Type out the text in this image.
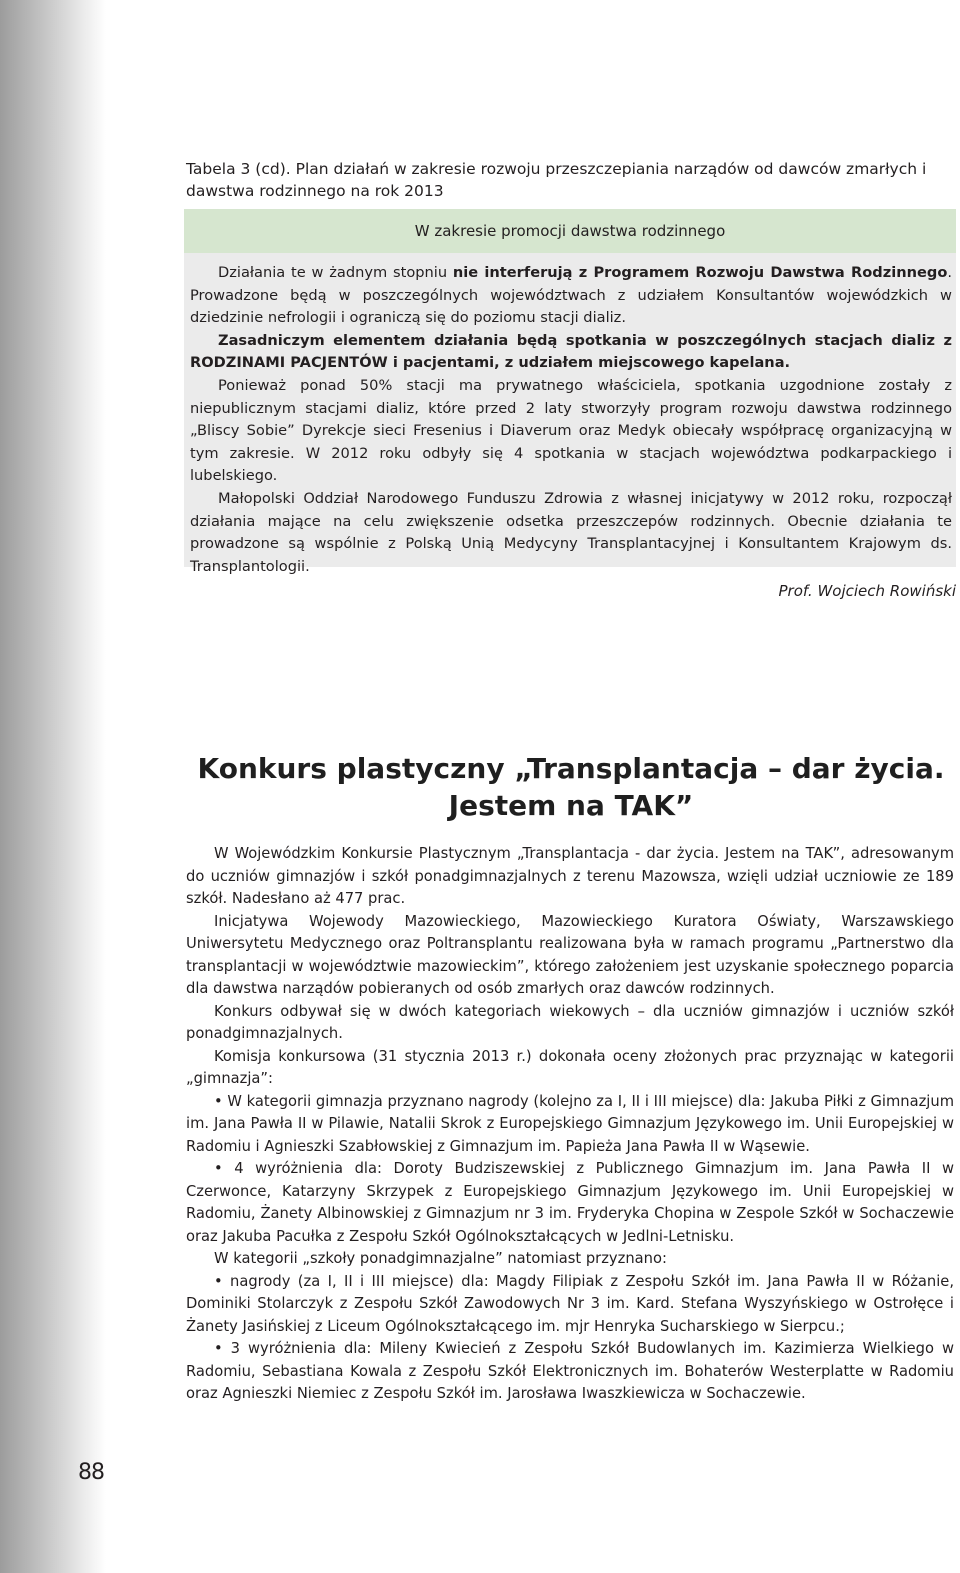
Tabela 3 (cd). Plan działań w zakresie rozwoju przeszczepiania narządów od dawców zmarłych i dawstwa rodzinnego na rok 2013
W zakresie promocji dawstwa rodzinnego

Działania te w żadnym stopniu nie interferują z Programem Rozwoju Dawstwa Rodzinnego. Prowadzone będą w poszczególnych województwach z udziałem Konsultantów wojewódzkich w dziedzinie nefrologii i ograniczą się do poziomu stacji dializ.

Zasadniczym elementem działania będą spotkania w poszczególnych stacjach dializ z RODZINAMI PACJENTÓW i pacjentami, z udziałem miejscowego kapelana.

Ponieważ ponad 50% stacji ma prywatnego właściciela, spotkania uzgodnione zostały z niepublicznym stacjami dializ, które przed 2 laty stworzyły program rozwoju dawstwa rodzinnego „Bliscy Sobie” Dyrekcje sieci Fresenius i Diaverum oraz Medyk obiecały współpracę organizacyjną w tym zakresie. W 2012 roku odbyły się 4 spotkania w stacjach województwa podkarpackiego i lubelskiego.

Małopolski Oddział Narodowego Funduszu Zdrowia z własnej inicjatywy w 2012 roku, rozpoczął działania mające na celu zwiększenie odsetka przeszczepów rodzinnych. Obecnie działania te prowadzone są wspólnie z Polską Unią Medycyny Transplantacyjnej i Konsultantem Krajowym ds. Transplantologii.

Prof. Wojciech Rowiński
Konkurs plastyczny „Transplantacja – dar życia.
Jestem na TAK”

W Wojewódzkim Konkursie Plastycznym „Transplantacja - dar życia. Jestem na TAK”, adresowanym do uczniów gimnazjów i szkół ponadgimnazjalnych z terenu Mazowsza, wzięli udział uczniowie ze 189 szkół. Nadesłano aż 477 prac.

Inicjatywa Wojewody Mazowieckiego, Mazowieckiego Kuratora Oświaty, Warszawskiego Uniwersytetu Medycznego oraz Poltransplantu realizowana była w ramach programu „Partnerstwo dla transplantacji w województwie mazowieckim”, którego założeniem jest uzyskanie społecznego poparcia dla dawstwa narządów pobieranych od osób zmarłych oraz dawców rodzinnych.

Konkurs odbywał się w dwóch kategoriach wiekowych – dla uczniów gimnazjów i uczniów szkół ponadgimnazjalnych.

Komisja konkursowa (31 stycznia 2013 r.) dokonała oceny złożonych prac przyznając w kategorii „gimnazja”:

• W kategorii gimnazja przyznano nagrody (kolejno za I, II i III miejsce) dla: Jakuba Piłki z Gimnazjum im. Jana Pawła II w Pilawie, Natalii Skrok z Europejskiego Gimnazjum Językowego im. Unii Europejskiej w Radomiu i Agnieszki Szabłowskiej z Gimnazjum im. Papieża Jana Pawła II w Wąsewie.

• 4 wyróżnienia dla: Doroty Budziszewskiej z Publicznego Gimnazjum im. Jana Pawła II w Czerwonce, Katarzyny Skrzypek z Europejskiego Gimnazjum Językowego im. Unii Europejskiej w Radomiu, Żanety Albinowskiej z Gimnazjum nr 3 im. Fryderyka Chopina w Zespole Szkół w Sochaczewie oraz Jakuba Pacułka z Zespołu Szkół Ogólnokształcących w Jedlni-Letnisku.

W kategorii „szkoły ponadgimnazjalne” natomiast przyznano:

• nagrody (za I, II i III miejsce) dla: Magdy Filipiak z Zespołu Szkół im. Jana Pawła II w Różanie, Dominiki Stolarczyk z Zespołu Szkół Zawodowych Nr 3 im. Kard. Stefana Wyszyńskiego w Ostrołęce i Żanety Jasińskiej z Liceum Ogólnokształcącego im. mjr Henryka Sucharskiego w Sierpcu.;

• 3 wyróżnienia dla: Mileny Kwiecień z Zespołu Szkół Budowlanych im. Kazimierza Wielkiego w Radomiu, Sebastiana Kowala z Zespołu Szkół Elektronicznych im. Bohaterów Westerplatte w Radomiu oraz Agnieszki Niemiec z Zespołu Szkół im. Jarosława Iwaszkiewicza w Sochaczewie.

88
